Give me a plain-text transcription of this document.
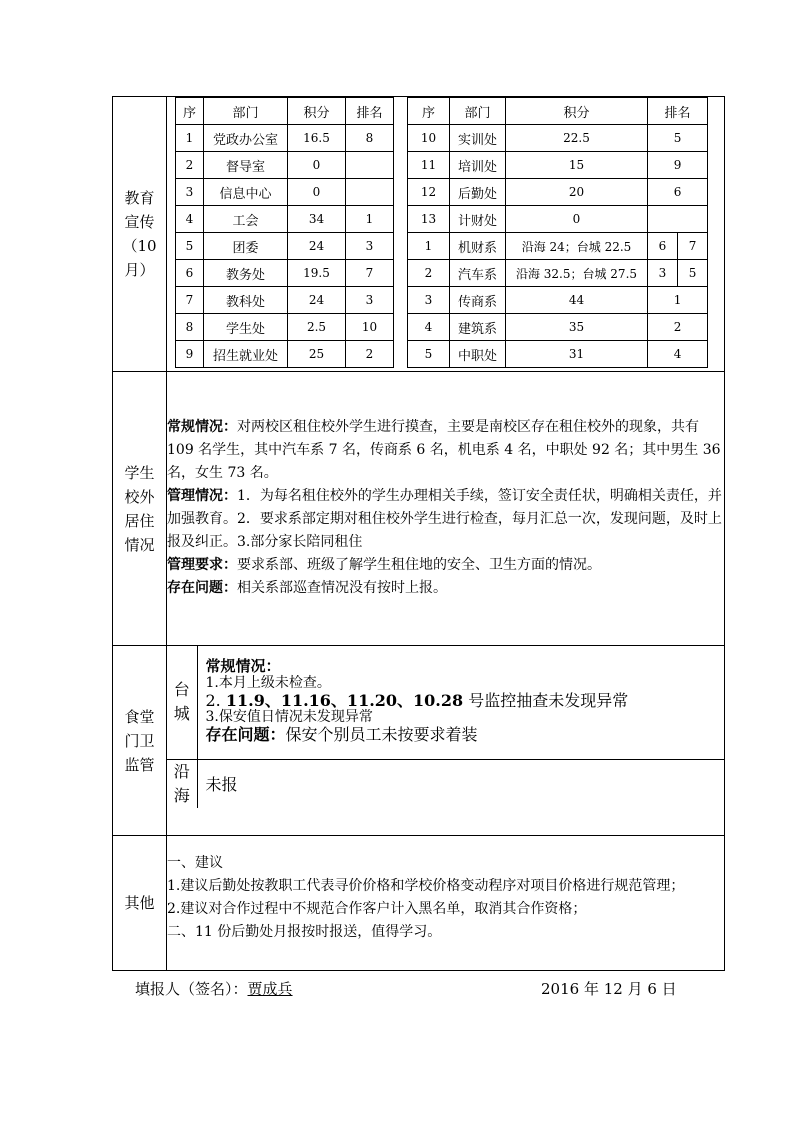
教育宣传（10月）	
序	部门	积分	排名
1	党政办公室	16.5	8
2	督导室	0	
3	信息中心	0	
4	工会	34	1
5	团委	24	3
6	教务处	19.5	7
7	教科处	24	3
8	学生处	2.5	10
9	招生就业处	25	2
序	部门	积分	排名
10	实训处	22.5	5
11	培训处	15	9
12	后勤处	20	6
13	计财处	0	
1	机财系	沿海 24；台城 22.5	6	7
2	汽车系	沿海 32.5；台城 27.5	3	5
3	传商系	44	1
4	建筑系	35	2
5	中职处	31	4

学生校外居住情况	
常规情况：对两校区租住校外学生进行摸查，主要是南校区存在租住校外的现象，共有 109 名学生，其中汽车系 7 名，传商系 6 名，机电系 4 名，中职处 92 名；其中男生 36 名，女生 73 名。
管理情况：1．为每名租住校外的学生办理相关手续，签订安全责任状，明确相关责任，并加强教育。2．要求系部定期对租住校外学生进行检查，每月汇总一次，发现问题，及时上报及纠正。3.部分家长陪同租住
管理要求：要求系部、班级了解学生租住地的安全、卫生方面的情况。
存在问题：相关系部巡查情况没有按时上报。

食堂门卫监管	
台城	
常规情况：
1.本月上级未检查。
2. 11.9、11.16、11.20、10.28 号监控抽查未发现异常
3.保安值日情况未发现异常
存在问题：保安个别员工未按要求着装

沿海	未报

其他	
一、建议
1.建议后勤处按教职工代表寻价价格和学校价格变动程序对项目价格进行规范管理；
2.建议对合作过程中不规范合作客户计入黑名单，取消其合作资格；
二、11 份后勤处月报按时报送，值得学习。
填报人（签名）：贾成兵	2016 年 12 月 6 日
